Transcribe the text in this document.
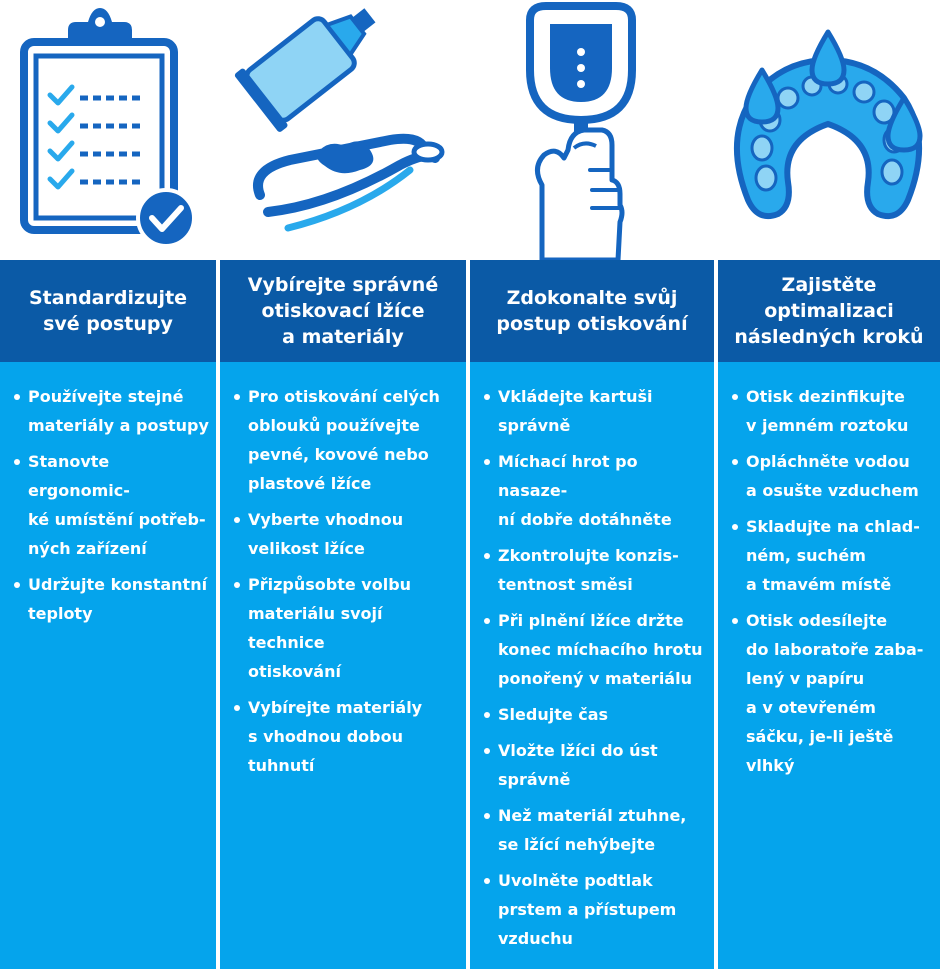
Standardizujte
své postupy
Používejte stejné
materiály a postupy
Stanovte ergonomic-
ké umístění potřeb-
ných zařízení
Udržujte konstantní
teploty
Vybírejte správné
otiskovací lžíce
a materiály
Pro otiskování celých
oblouků používejte
pevné, kovové nebo
plastové lžíce
Vyberte vhodnou
velikost lžíce
Přizpůsobte volbu
materiálu svojí technice
otiskování
Vybírejte materiály
s vhodnou dobou
tuhnutí
Zdokonalte svůj
postup otiskování
Vkládejte kartuši
správně
Míchací hrot po nasaze-
ní dobře dotáhněte
Zkontrolujte konzis-
tentnost směsi
Při plnění lžíce držte
konec míchacího hrotu
ponořený v materiálu
Sledujte čas
Vložte lžíci do úst
správně
Než materiál ztuhne,
se lžící nehýbejte
Uvolněte podtlak
prstem a přístupem
vzduchu
Zajistěte
optimalizaci
následných kroků
Otisk dezinfikujte
v jemném roztoku
Opláchněte vodou
a osušte vzduchem
Skladujte na chlad-
ném, suchém
a tmavém místě
Otisk odesílejte
do laboratoře zaba-
lený v papíru
a v otevřeném
sáčku, je-li ještě
vlhký
